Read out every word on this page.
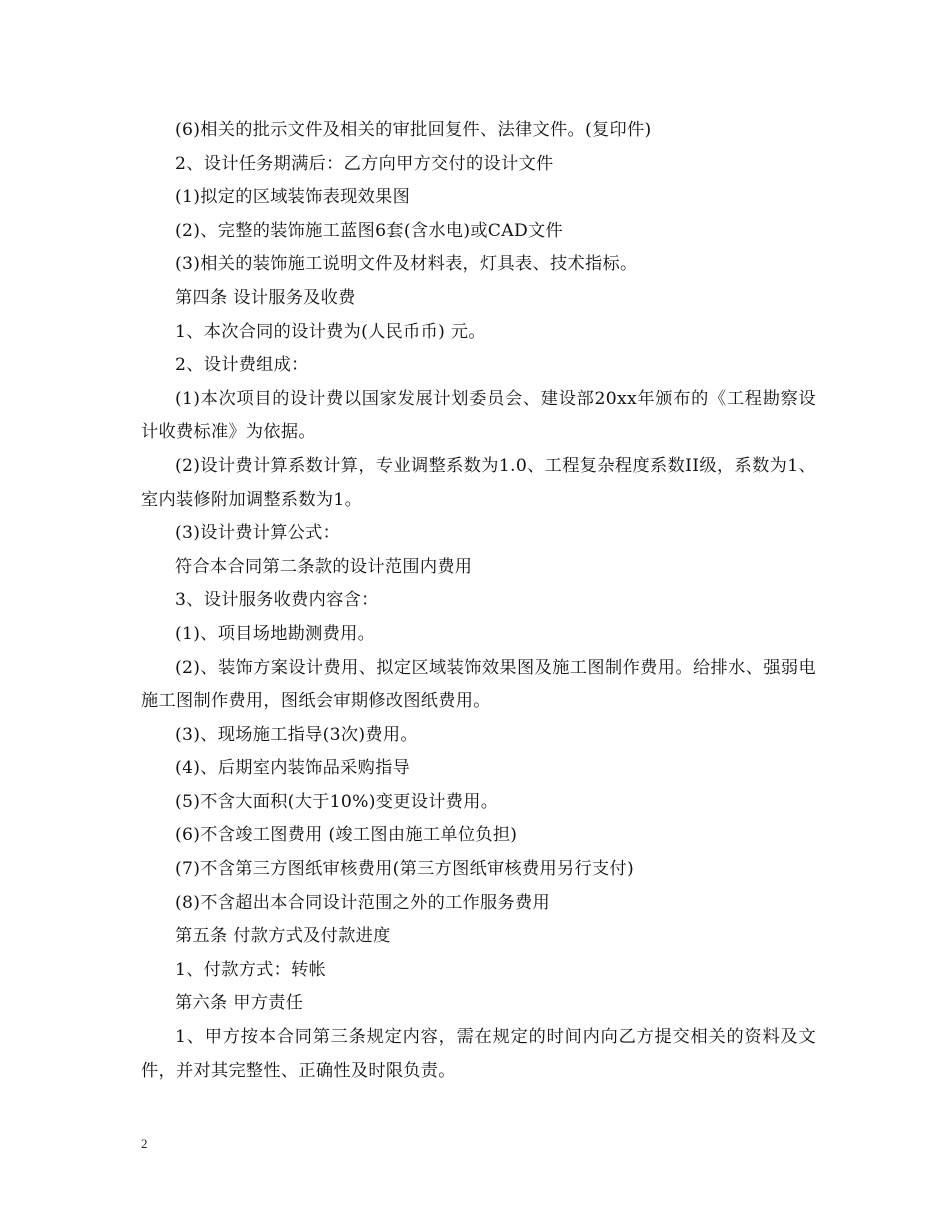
(6)相关的批示文件及相关的审批回复件、法律文件。(复印件)

2、设计任务期满后：乙方向甲方交付的设计文件

(1)拟定的区域装饰表现效果图

(2)、完整的装饰施工蓝图6套(含水电)或CAD文件

(3)相关的装饰施工说明文件及材料表，灯具表、技术指标。

第四条 设计服务及收费

1、本次合同的设计费为(人民币币) 元。

2、设计费组成：

(1)本次项目的设计费以国家发展计划委员会、建设部20xx年颁布的《工程勘察设计收费标准》为依据。

(2)设计费计算系数计算，专业调整系数为1.0、工程复杂程度系数II级，系数为1、室内装修附加调整系数为1。

(3)设计费计算公式：

符合本合同第二条款的设计范围内费用

3、设计服务收费内容含：

(1)、项目场地勘测费用。

(2)、装饰方案设计费用、拟定区域装饰效果图及施工图制作费用。给排水、强弱电施工图制作费用，图纸会审期修改图纸费用。

(3)、现场施工指导(3次)费用。

(4)、后期室内装饰品采购指导

(5)不含大面积(大于10%)变更设计费用。

(6)不含竣工图费用 (竣工图由施工单位负担)

(7)不含第三方图纸审核费用(第三方图纸审核费用另行支付)

(8)不含超出本合同设计范围之外的工作服务费用

第五条 付款方式及付款进度

1、付款方式：转帐

第六条 甲方责任

1、甲方按本合同第三条规定内容，需在规定的时间内向乙方提交相关的资料及文件，并对其完整性、正确性及时限负责。

2
